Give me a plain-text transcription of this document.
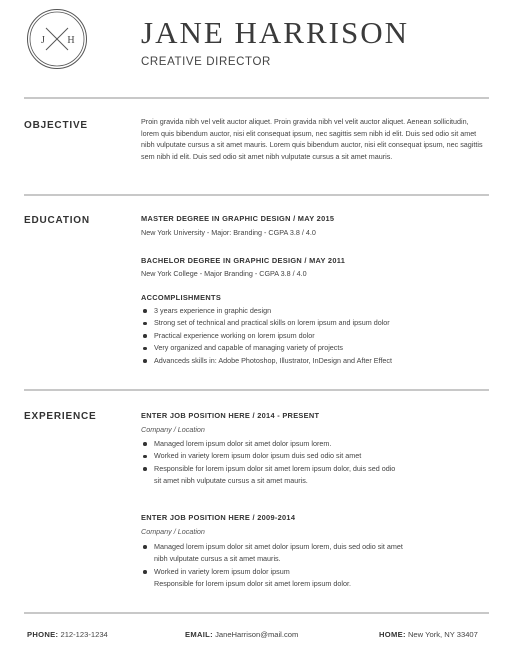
J H JANE HARRISON
CREATIVE DIRECTOR
OBJECTIVE	Proin gravida nibh vel velit auctor aliquet. Proin gravida nibh vel velit auctor aliquet. Aenean sollicitudin, lorem quis bibendum auctor, nisi elit consequat ipsum, nec sagittis sem nibh id elit. Duis sed odio sit amet nibh vulputate cursus a sit amet mauris. Lorem quis bibendum auctor, nisi elit consequat ipsum, nec sagittis sem nibh id elit. Duis sed odio sit amet nibh vulputate cursus a sit amet mauris.

EDUCATION	MASTER DEGREE IN GRAPHIC DESIGN / MAY 2015
New York University - Major: Branding - CGPA 3.8 / 4.0
BACHELOR DEGREE IN GRAPHIC DESIGN / MAY 2011
New York College - Major Branding - CGPA 3.8 / 4.0
ACCOMPLISHMENTS
3 years experience in graphic design
Strong set of technical and practical skills on lorem ipsum and ipsum dolor
Practical experience working on lorem ipsum dolor
Very organized and capable of managing variety of projects
Advanceds skills in: Adobe Photoshop, Illustrator, InDesign and After Effect
EXPERIENCE	ENTER JOB POSITION HERE / 2014 - PRESENT
Company / Location
Managed lorem ipsum dolor sit amet dolor ipsum lorem.
Worked in variety lorem ipsum dolor ipsum duis sed odio sit amet
Responsible for lorem ipsum dolor sit amet lorem ipsum dolor, duis sed odio
sit amet nibh vulputate cursus a sit amet mauris.
ENTER JOB POSITION HERE / 2009-2014
Company / Location
Managed lorem ipsum dolor sit amet dolor ipsum lorem, duis sed odio sit amet
nibh vulputate cursus a sit amet mauris.
Worked in variety lorem ipsum dolor ipsum
Responsible for lorem ipsum dolor sit amet lorem ipsum dolor.
PHONE: 212-123-1234	EMAIL: JaneHarrison@mail.com	HOME: New York, NY 33407
